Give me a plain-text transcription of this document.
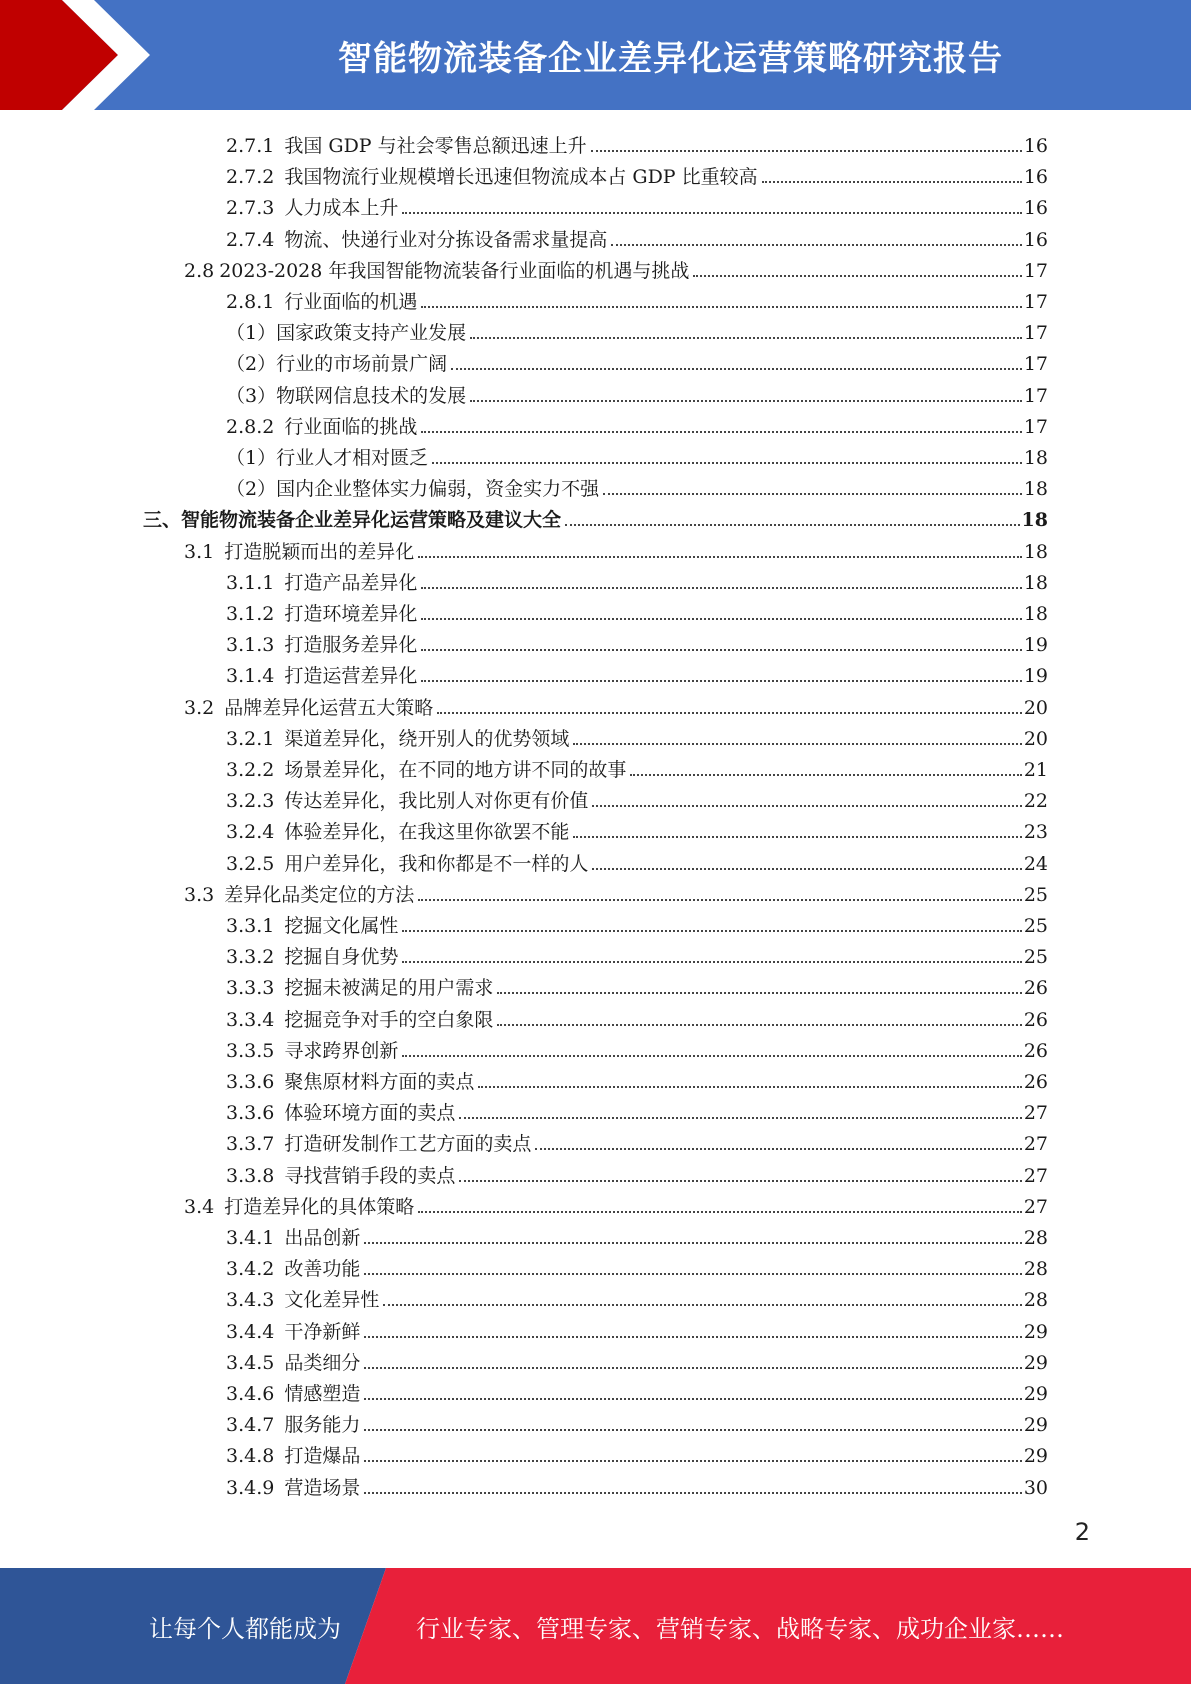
智能物流装备企业差异化运营策略研究报告
2.7.1 我国 GDP 与社会零售总额迅速上升	16
2.7.2 我国物流行业规模增长迅速但物流成本占 GDP 比重较高	16
2.7.3 人力成本上升	16
2.7.4 物流、快递行业对分拣设备需求量提高	16
2.8 2023-2028 年我国智能物流装备行业面临的机遇与挑战	17
2.8.1 行业面临的机遇	17
（1） 国家政策支持产业发展	17
（2） 行业的市场前景广阔	17
（3） 物联网信息技术的发展	17
2.8.2 行业面临的挑战	17
（1） 行业人才相对匮乏	18
（2） 国内企业整体实力偏弱，资金实力不强	18
三、 智能物流装备企业差异化运营策略及建议大全	18
3.1 打造脱颖而出的差异化	18
3.1.1 打造产品差异化	18
3.1.2 打造环境差异化	18
3.1.3 打造服务差异化	19
3.1.4 打造运营差异化	19
3.2 品牌差异化运营五大策略	20
3.2.1 渠道差异化，绕开别人的优势领域	20
3.2.2 场景差异化，在不同的地方讲不同的故事	21
3.2.3 传达差异化，我比别人对你更有价值	22
3.2.4 体验差异化，在我这里你欲罢不能	23
3.2.5 用户差异化，我和你都是不一样的人	24
3.3 差异化品类定位的方法	25
3.3.1 挖掘文化属性	25
3.3.2 挖掘自身优势	25
3.3.3 挖掘未被满足的用户需求	26
3.3.4 挖掘竞争对手的空白象限	26
3.3.5 寻求跨界创新	26
3.3.6 聚焦原材料方面的卖点	26
3.3.6 体验环境方面的卖点	27
3.3.7 打造研发制作工艺方面的卖点	27
3.3.8 寻找营销手段的卖点	27
3.4 打造差异化的具体策略	27
3.4.1 出品创新	28
3.4.2 改善功能	28
3.4.3 文化差异性	28
3.4.4 干净新鲜	29
3.4.5 品类细分	29
3.4.6 情感塑造	29
3.4.7 服务能力	29
3.4.8 打造爆品	29
3.4.9 营造场景	30
2
让每个人都能成为	行业专家、管理专家、营销专家、战略专家、成功企业家……
